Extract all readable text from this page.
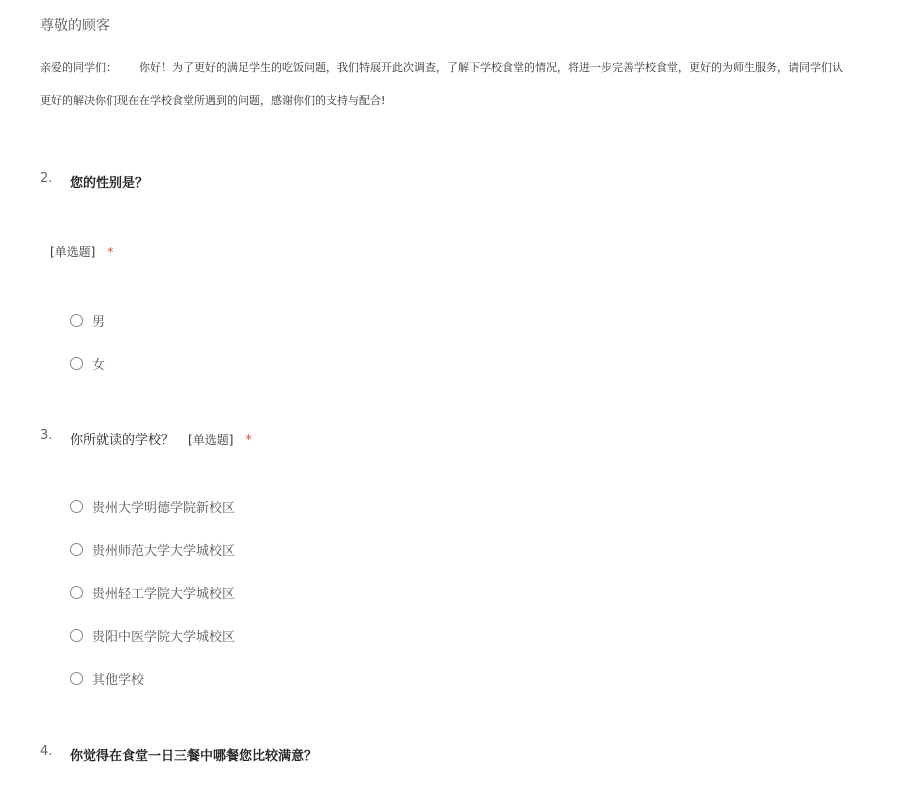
尊敬的顾客
亲爱的同学们： 你好！为了更好的满足学生的吃饭问题，我们特展开此次调查，了解下学校食堂的情况，将进一步完善学校食堂，更好的为师生服务，请同学们认
更好的解决你们现在在学校食堂所遇到的问题，感谢你们的支持与配合!
2. 您的性别是？
[单选题] *
男
女
3. 你所就读的学校？ [单选题] *
贵州大学明德学院新校区
贵州师范大学大学城校区
贵州轻工学院大学城校区
贵阳中医学院大学城校区
其他学校
4. 你觉得在食堂一日三餐中哪餐您比较满意？
